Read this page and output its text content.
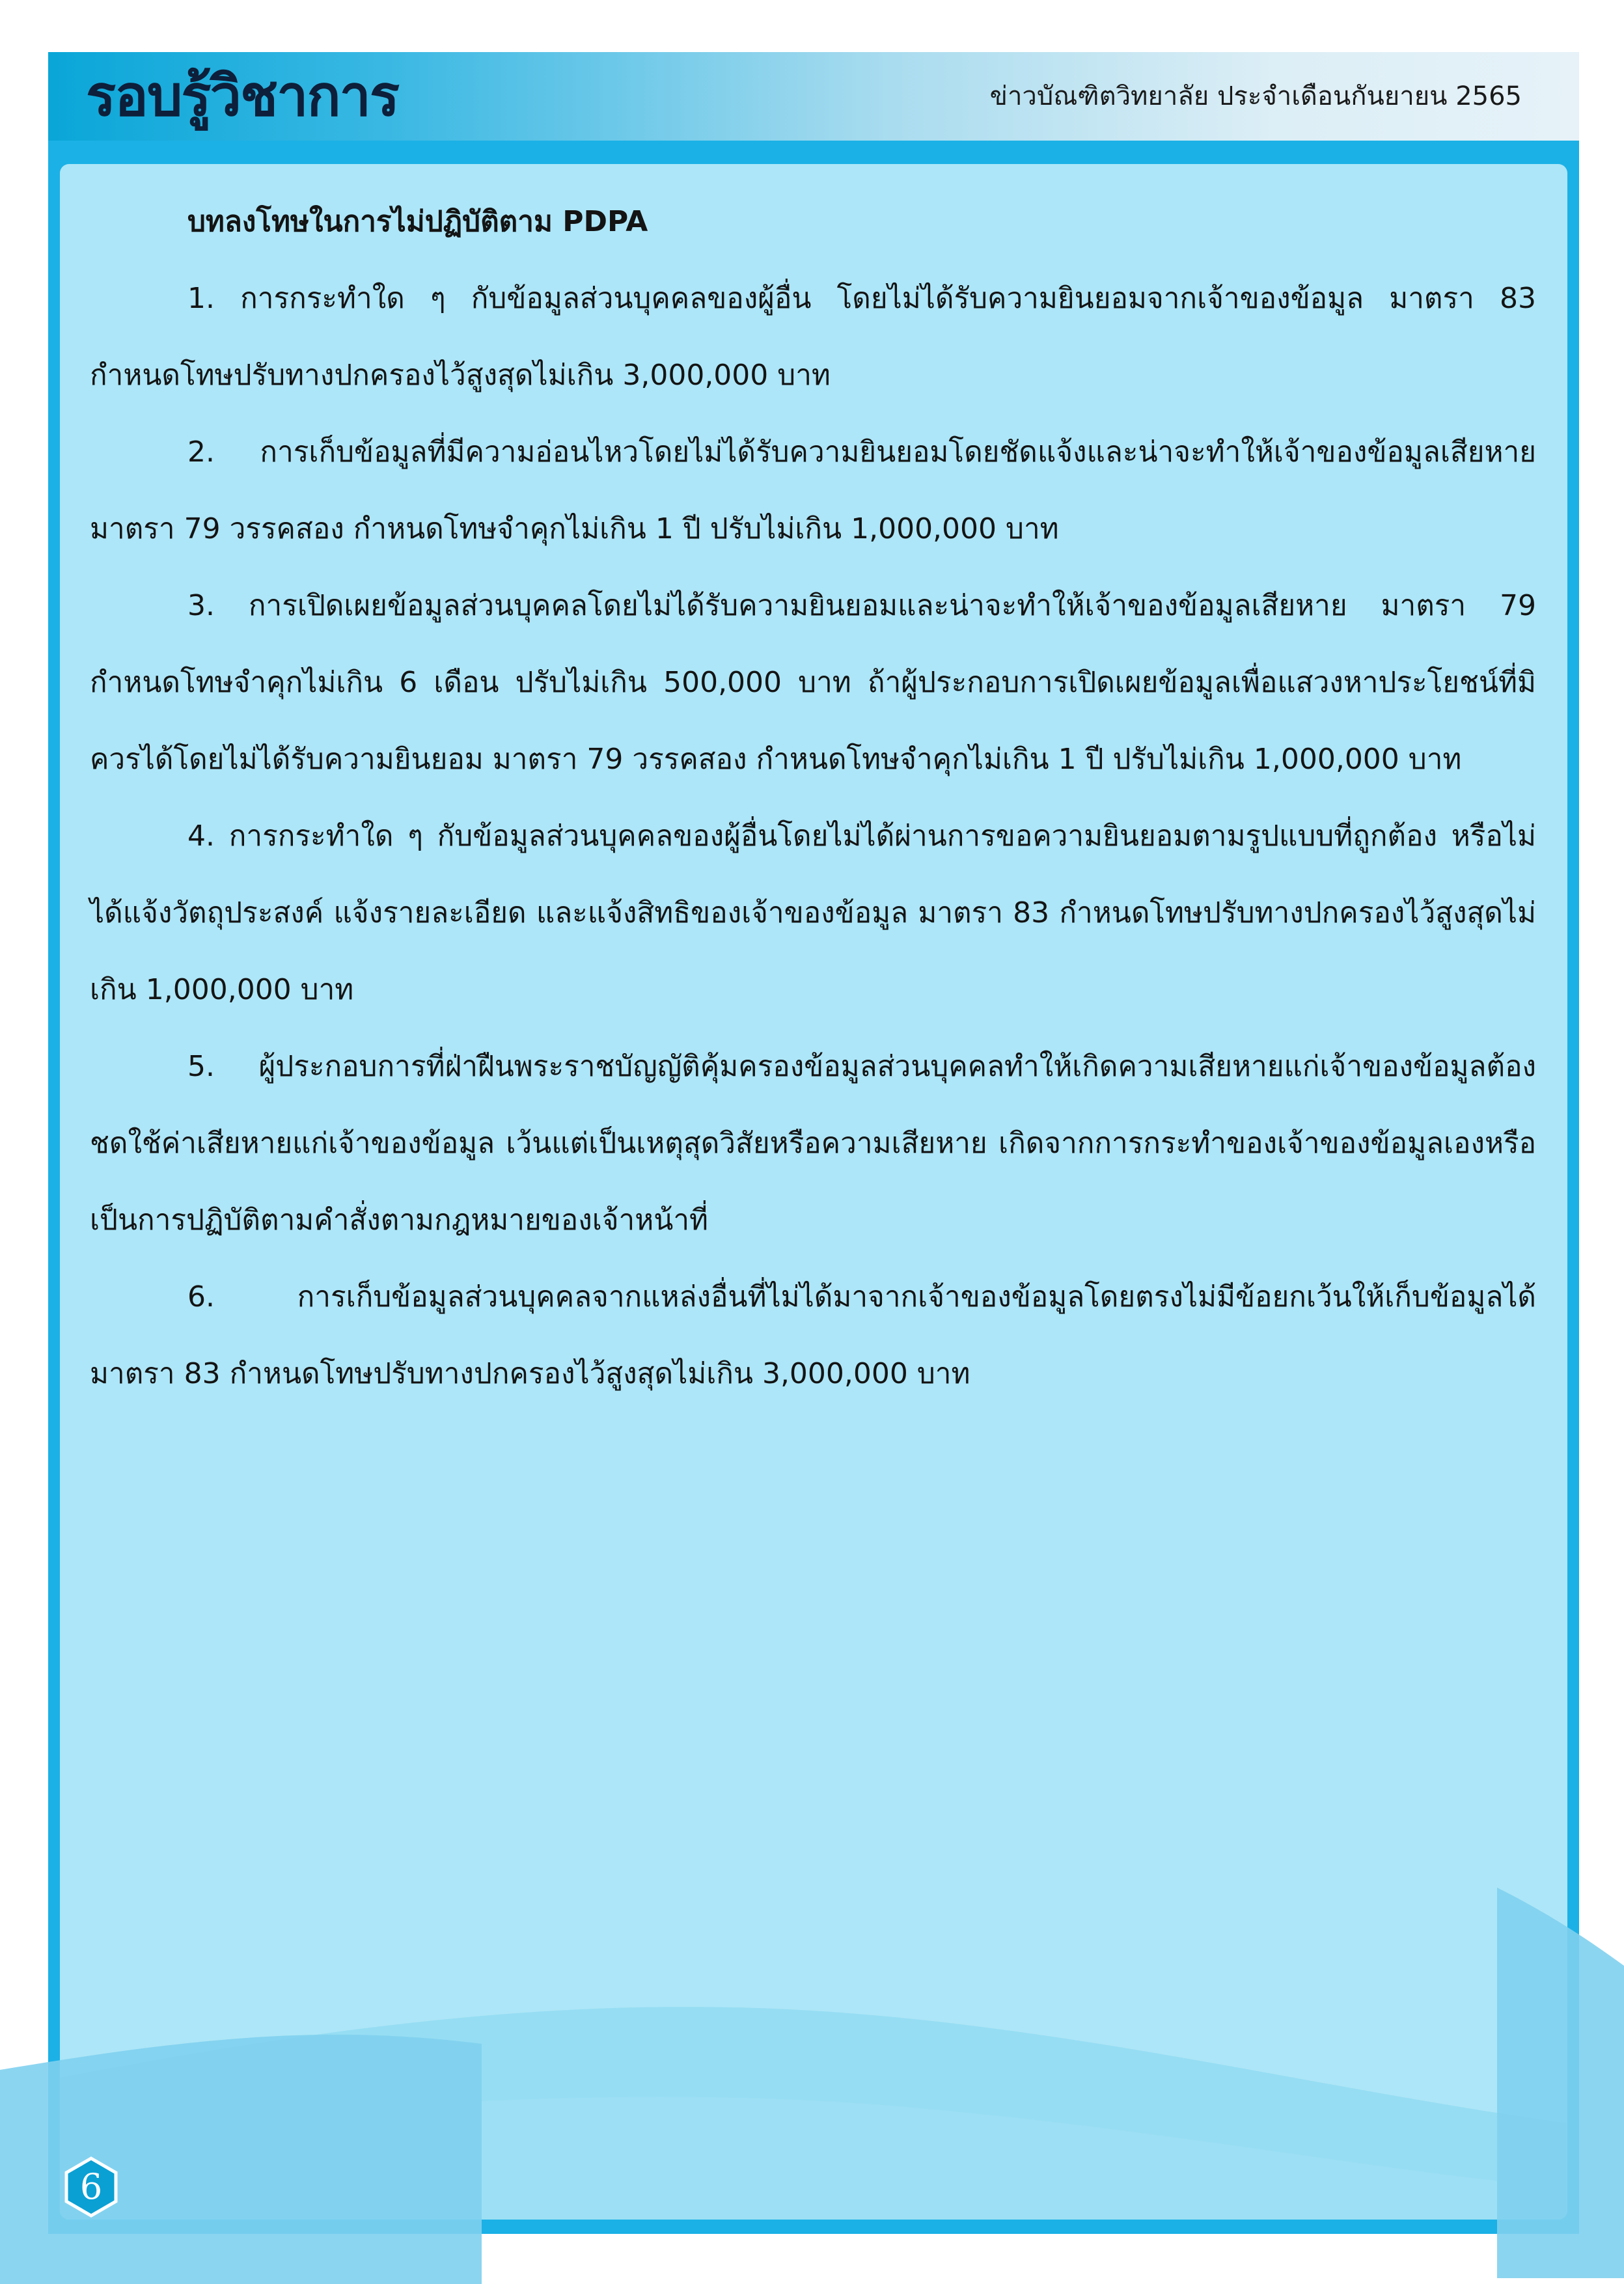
รอบรู้วิชาการ	ข่าวบัณฑิตวิทยาลัย ประจำเดือนกันยายน 2565

บทลงโทษในการไม่ปฏิบัติตาม PDPA

1. การกระทำใด ๆ กับข้อมูลส่วนบุคคลของผู้อื่น โดยไม่ได้รับความยินยอมจากเจ้าของข้อมูล มาตรา 83 กำหนดโทษปรับทางปกครองไว้สูงสุดไม่เกิน 3,000,000 บาท

2. การเก็บข้อมูลที่มีความอ่อนไหวโดยไม่ได้รับความยินยอมโดยชัดแจ้งและน่าจะทำให้เจ้าของข้อมูลเสียหาย มาตรา 79 วรรคสอง กำหนดโทษจำคุกไม่เกิน 1 ปี ปรับไม่เกิน 1,000,000 บาท

3. การเปิดเผยข้อมูลส่วนบุคคลโดยไม่ได้รับความยินยอมและน่าจะทำให้เจ้าของข้อมูลเสียหาย มาตรา 79 กำหนดโทษจำคุกไม่เกิน 6 เดือน ปรับไม่เกิน 500,000 บาท ถ้าผู้ประกอบการเปิดเผยข้อมูลเพื่อแสวงหาประโยชน์ที่มิควรได้โดยไม่ได้รับความยินยอม มาตรา 79 วรรคสอง กำหนดโทษจำคุกไม่เกิน 1 ปี ปรับไม่เกิน 1,000,000 บาท

4. การกระทำใด ๆ กับข้อมูลส่วนบุคคลของผู้อื่นโดยไม่ได้ผ่านการขอความยินยอมตามรูปแบบที่ถูกต้อง หรือไม่ได้แจ้งวัตถุประสงค์ แจ้งรายละเอียด และแจ้งสิทธิของเจ้าของข้อมูล มาตรา 83 กำหนดโทษปรับทางปกครองไว้สูงสุดไม่เกิน 1,000,000 บาท

5. ผู้ประกอบการที่ฝ่าฝืนพระราชบัญญัติคุ้มครองข้อมูลส่วนบุคคลทำให้เกิดความเสียหายแก่เจ้าของข้อมูลต้องชดใช้ค่าเสียหายแก่เจ้าของข้อมูล เว้นแต่เป็นเหตุสุดวิสัยหรือความเสียหาย เกิดจากการกระทำของเจ้าของข้อมูลเองหรือเป็นการปฏิบัติตามคำสั่งตามกฎหมายของเจ้าหน้าที่

6. การเก็บข้อมูลส่วนบุคคลจากแหล่งอื่นที่ไม่ได้มาจากเจ้าของข้อมูลโดยตรงไม่มีข้อยกเว้นให้เก็บข้อมูลได้ มาตรา 83 กำหนดโทษปรับทางปกครองไว้สูงสุดไม่เกิน 3,000,000 บาท

6
